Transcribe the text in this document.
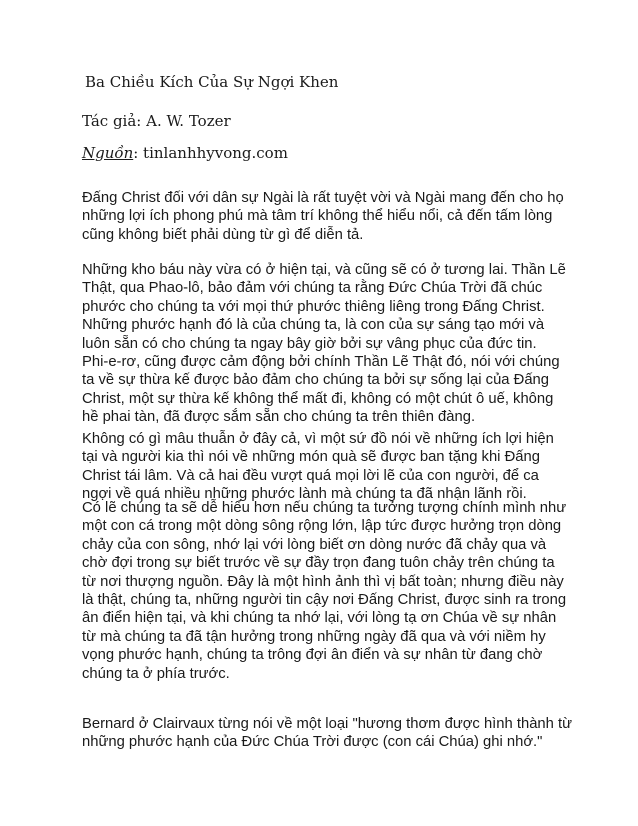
Ba Chiều Kích Của Sự Ngợi Khen
Tác giả: A. W. Tozer
Nguồn: tinlanhhyvong.com

Đấng Christ đối với dân sự Ngài là rất tuyệt vời và Ngài mang đến cho họ những lợi ích phong phú mà tâm trí không thể hiểu nổi, cả đến tấm lòng cũng không biết phải dùng từ gì để diễn tả.

Những kho báu này vừa có ở hiện tại, và cũng sẽ có ở tương lai. Thần Lẽ Thật, qua Phao-lô, bảo đảm với chúng ta rằng Đức Chúa Trời đã chúc phước cho chúng ta với mọi thứ phước thiêng liêng trong Đấng Christ. Những phước hạnh đó là của chúng ta, là con của sự sáng tạo mới và luôn sẵn có cho chúng ta ngay bây giờ bởi sự vâng phục của đức tin.
Phi-e-rơ, cũng được cảm động bởi chính Thần Lẽ Thật đó, nói với chúng ta về sự thừa kế được bảo đảm cho chúng ta bởi sự sống lại của Đấng Christ, một sự thừa kế không thể mất đi, không có một chút ô uế, không hề phai tàn, đã được sắm sẵn cho chúng ta trên thiên đàng.

Không có gì mâu thuẫn ở đây cả, vì một sứ đồ nói về những ích lợi hiện tại và người kia thì nói về những món quà sẽ được ban tặng khi Đấng Christ tái lâm. Và cả hai đều vượt quá mọi lời lẽ của con người, để ca ngợi về quá nhiều những phước lành mà chúng ta đã nhận lãnh rồi.

Có lẽ chúng ta sẽ dễ hiểu hơn nếu chúng ta tưởng tượng chính mình như một con cá trong một dòng sông rộng lớn, lập tức được hưởng trọn dòng chảy của con sông, nhớ lại với lòng biết ơn dòng nước đã chảy qua và chờ đợi trong sự biết trước về sự đầy trọn đang tuôn chảy trên chúng ta từ nơi thượng nguồn. Đây là một hình ảnh thì vị bất toàn; nhưng điều này là thật, chúng ta, những người tin cậy nơi Đấng Christ, được sinh ra trong ân điển hiện tại, và khi chúng ta nhớ lại, với lòng tạ ơn Chúa về sự nhân từ mà chúng ta đã tận hưởng trong những ngày đã qua và với niềm hy vọng phước hạnh, chúng ta trông đợi ân điển và sự nhân từ đang chờ chúng ta ở phía trước.

Bernard ở Clairvaux từng nói về một loại "hương thơm được hình thành từ những phước hạnh của Đức Chúa Trời được (con cái Chúa) ghi nhớ."
